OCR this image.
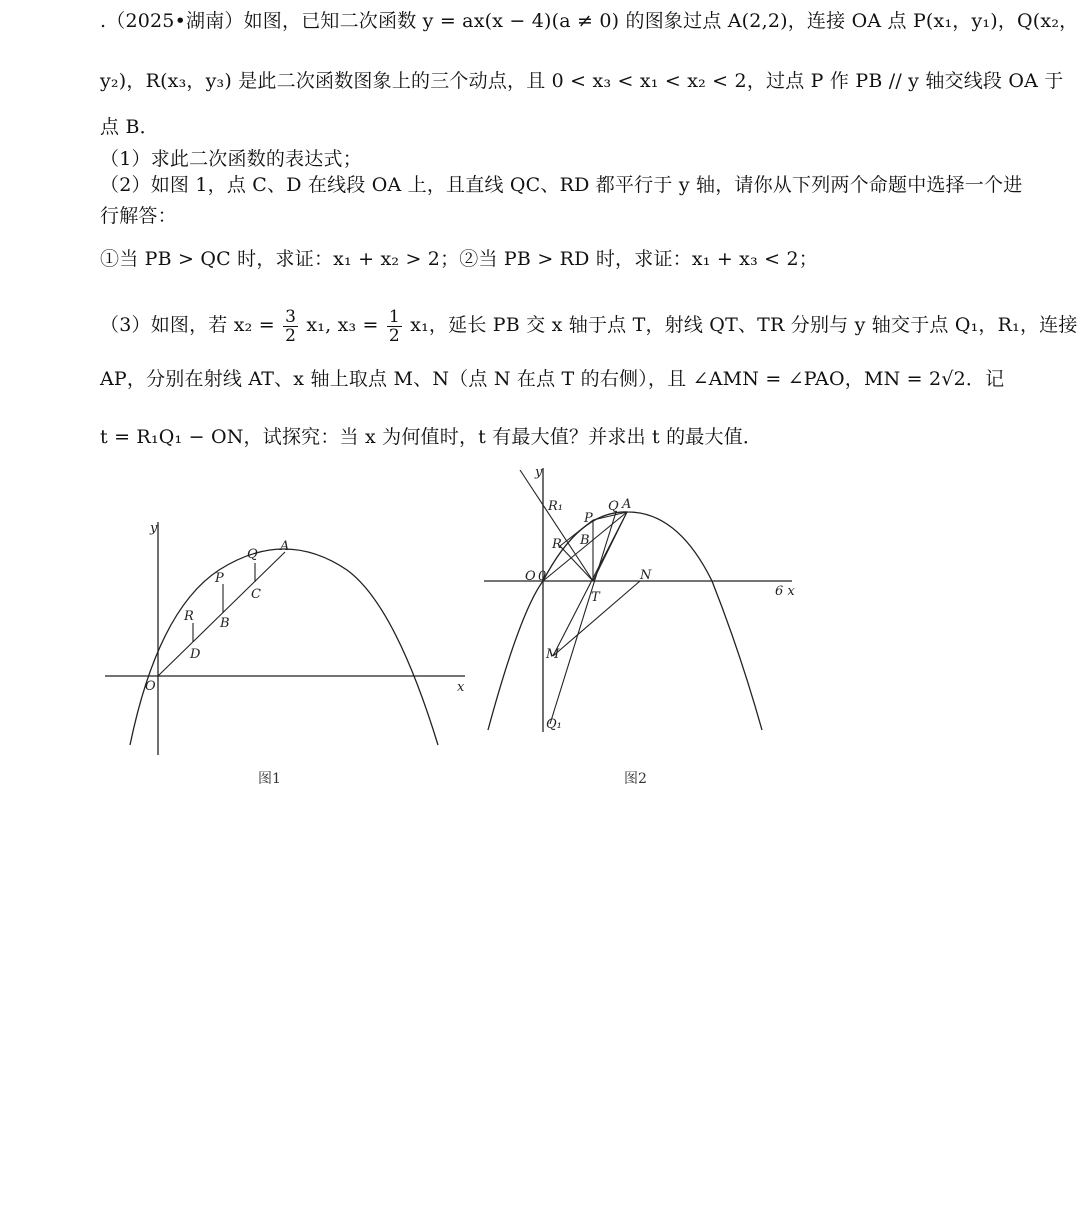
.（2025•湖南）如图，已知二次函数 y = ax(x − 4)(a ≠ 0) 的图象过点 A(2,2)，连接 OA 点 P(x₁，y₁)，Q(x₂，
y₂)，R(x₃，y₃) 是此二次函数图象上的三个动点，且 0 < x₃ < x₁ < x₂ < 2，过点 P 作 PB // y 轴交线段 OA 于
点 B．
（1）求此二次函数的表达式；
（2）如图 1，点 C、D 在线段 OA 上，且直线 QC、RD 都平行于 y 轴，请你从下列两个命题中选择一个进
行解答：
①当 PB > QC 时，求证：x₁ + x₂ > 2；②当 PB > RD 时，求证：x₁ + x₃ < 2；
（3）如图，若 $x_2 = \frac{3}{2} x_1$, $x_3 = \frac{1}{2} x_1$，延长 PB 交 x 轴于点 T，射线 QT、TR 分别与 y 轴交于点 Q₁，R₁，连接
AP，分别在射线 AT、x 轴上取点 M、N（点 N 在点 T 的右侧），且 ∠AMN = ∠PAO，MN = 2√2．记
t = R₁Q₁ − ON，试探究：当 x 为何值时，t 有最大值？并求出 t 的最大值．
y
x
O
A
Q
P
C
R B
D
图1
y
6 x
O 0
R₁
R
P
Q A
B
N
T
M
Q₁
图2
